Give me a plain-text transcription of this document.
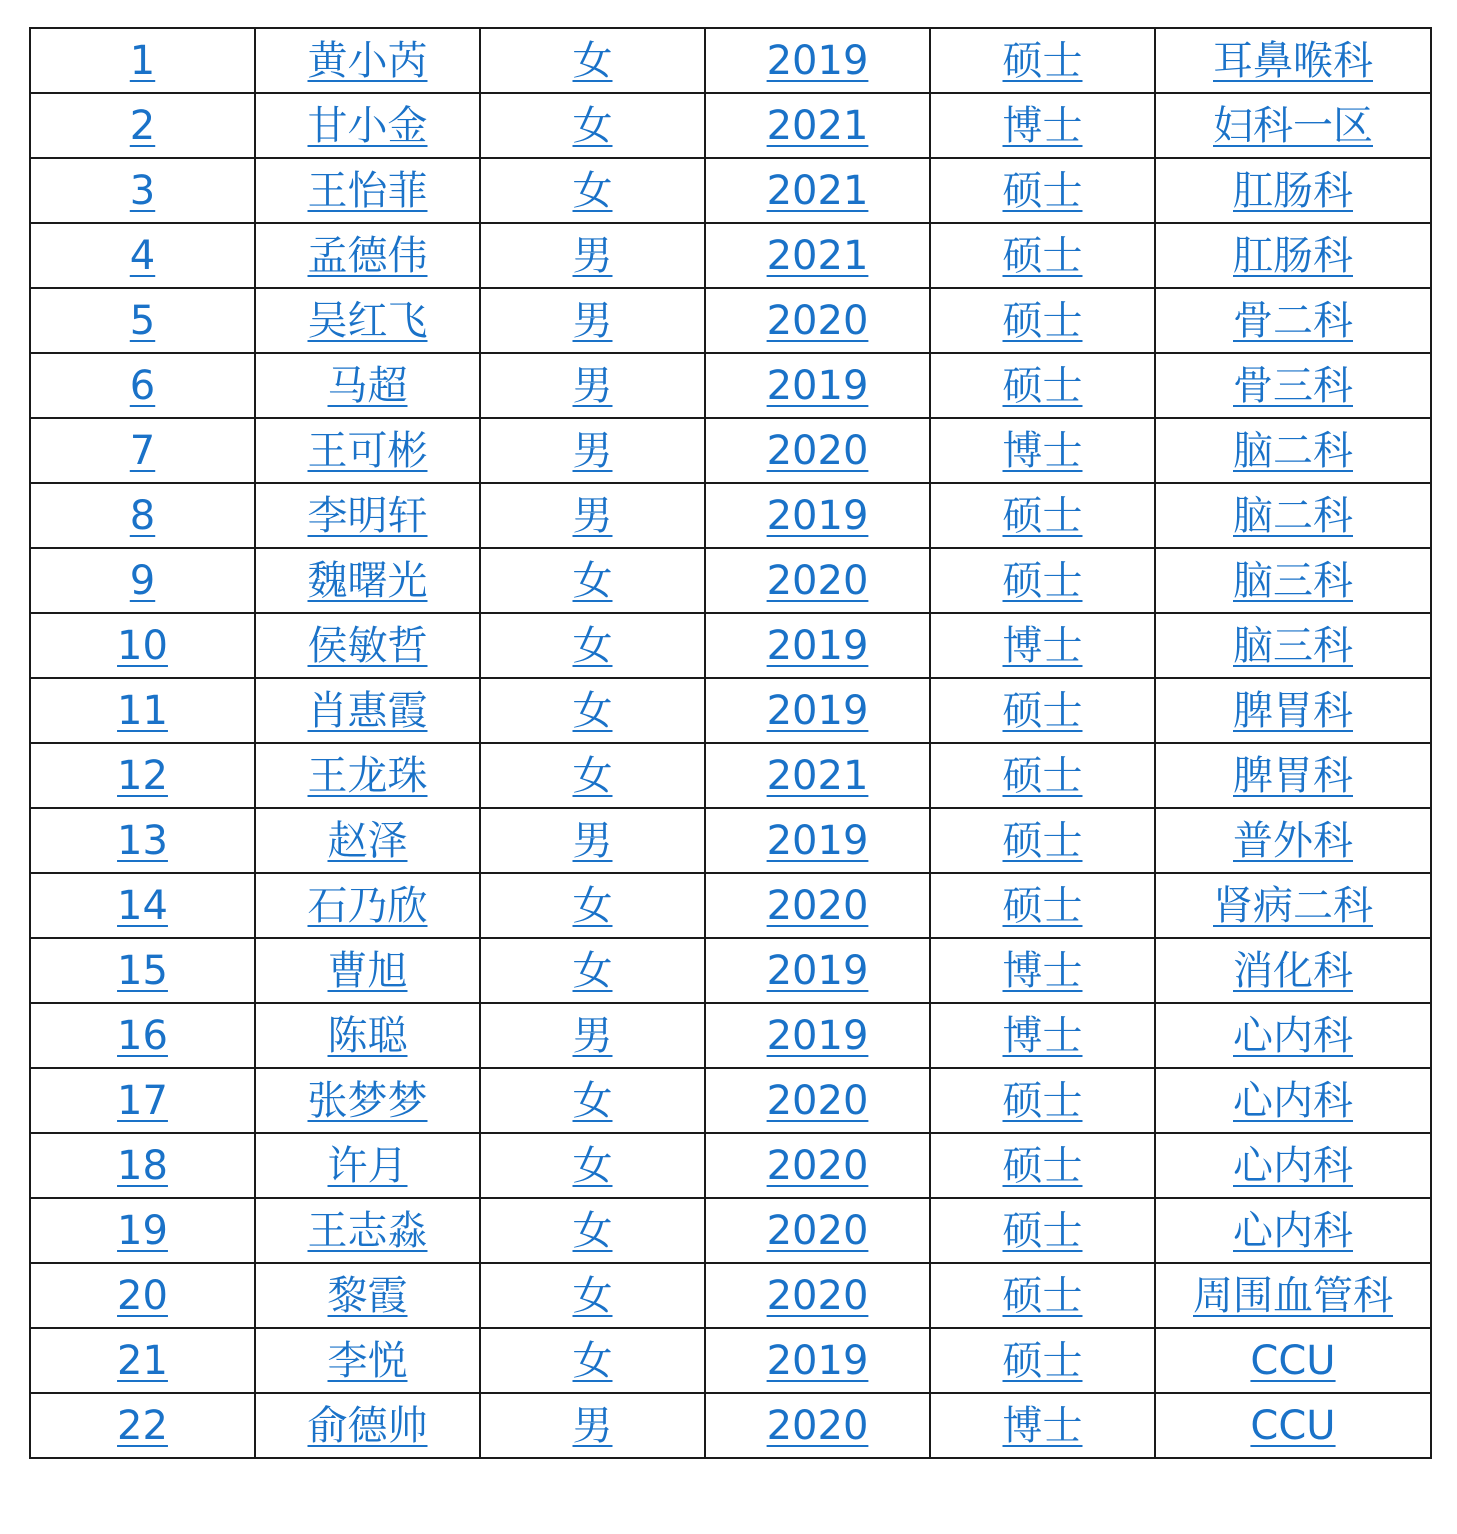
1	黄小芮	女	2019	硕士	耳鼻喉科
2	甘小金	女	2021	博士	妇科一区
3	王怡菲	女	2021	硕士	肛肠科
4	孟德伟	男	2021	硕士	肛肠科
5	吴红飞	男	2020	硕士	骨二科
6	马超	男	2019	硕士	骨三科
7	王可彬	男	2020	博士	脑二科
8	李明轩	男	2019	硕士	脑二科
9	魏曙光	女	2020	硕士	脑三科
10	侯敏哲	女	2019	博士	脑三科
11	肖惠霞	女	2019	硕士	脾胃科
12	王龙珠	女	2021	硕士	脾胃科
13	赵泽	男	2019	硕士	普外科
14	石乃欣	女	2020	硕士	肾病二科
15	曹旭	女	2019	博士	消化科
16	陈聪	男	2019	博士	心内科
17	张梦梦	女	2020	硕士	心内科
18	许月	女	2020	硕士	心内科
19	王志淼	女	2020	硕士	心内科
20	黎霞	女	2020	硕士	周围血管科
21	李悦	女	2019	硕士	CCU
22	俞德帅	男	2020	博士	CCU
